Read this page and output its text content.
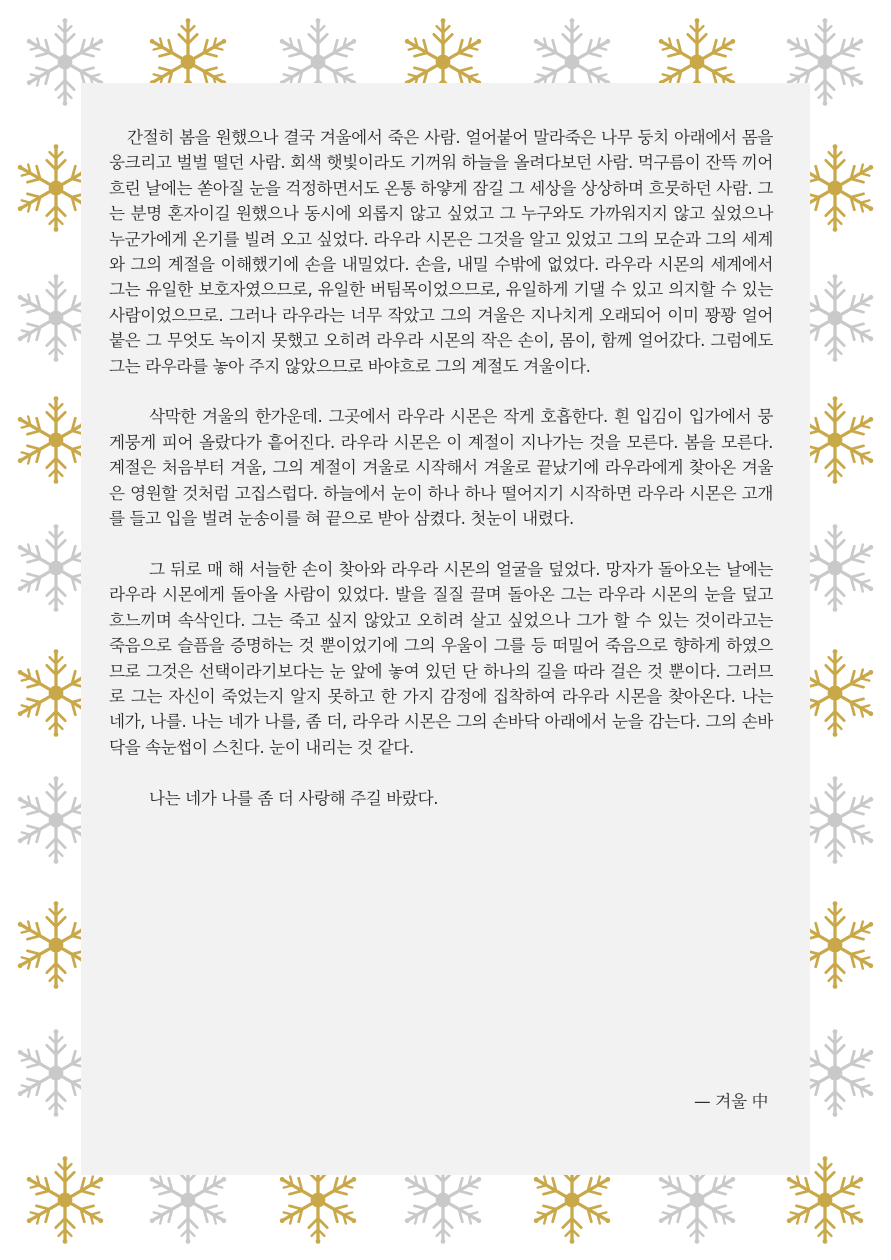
간절히 봄을 원했으나 결국 겨울에서 죽은 사람. 얼어붙어 말라죽은 나무 둥치 아래에서 몸을 웅크리고 벌벌 떨던 사람. 회색 햇빛이라도 기꺼워 하늘을 올려다보던 사람. 먹구름이 잔뜩 끼어 흐린 날에는 쏟아질 눈을 걱정하면서도 온통 하얗게 잠길 그 세상을 상상하며 흐뭇하던 사람. 그는 분명 혼자이길 원했으나 동시에 외롭지 않고 싶었고 그 누구와도 가까워지지 않고 싶었으나 누군가에게 온기를 빌려 오고 싶었다. 라우라 시몬은 그것을 알고 있었고 그의 모순과 그의 세계와 그의 계절을 이해했기에 손을 내밀었다. 손을, 내밀 수밖에 없었다. 라우라 시몬의 세계에서 그는 유일한 보호자였으므로, 유일한 버팀목이었으므로, 유일하게 기댈 수 있고 의지할 수 있는 사람이었으므로. 그러나 라우라는 너무 작았고 그의 겨울은 지나치게 오래되어 이미 꽝꽝 얼어붙은 그 무엇도 녹이지 못했고 오히려 라우라 시몬의 작은 손이, 몸이, 함께 얼어갔다. 그럼에도 그는 라우라를 놓아 주지 않았으므로 바야흐로 그의 계절도 겨울이다.

삭막한 겨울의 한가운데. 그곳에서 라우라 시몬은 작게 호흡한다. 흰 입김이 입가에서 뭉게뭉게 피어 올랐다가 흩어진다. 라우라 시몬은 이 계절이 지나가는 것을 모른다. 봄을 모른다. 계절은 처음부터 겨울, 그의 계절이 겨울로 시작해서 겨울로 끝났기에 라우라에게 찾아온 겨울은 영원할 것처럼 고집스럽다. 하늘에서 눈이 하나 하나 떨어지기 시작하면 라우라 시몬은 고개를 들고 입을 벌려 눈송이를 혀 끝으로 받아 삼켰다. 첫눈이 내렸다.

그 뒤로 매 해 서늘한 손이 찾아와 라우라 시몬의 얼굴을 덮었다. 망자가 돌아오는 날에는 라우라 시몬에게 돌아올 사람이 있었다. 발을 질질 끌며 돌아온 그는 라우라 시몬의 눈을 덮고 흐느끼며 속삭인다. 그는 죽고 싶지 않았고 오히려 살고 싶었으나 그가 할 수 있는 것이라고는 죽음으로 슬픔을 증명하는 것 뿐이었기에 그의 우울이 그를 등 떠밀어 죽음으로 향하게 하였으므로 그것은 선택이라기보다는 눈 앞에 놓여 있던 단 하나의 길을 따라 걸은 것 뿐이다. 그러므로 그는 자신이 죽었는지 알지 못하고 한 가지 감정에 집착하여 라우라 시몬을 찾아온다. 나는 네가, 나를. 나는 네가 나를, 좀 더, 라우라 시몬은 그의 손바닥 아래에서 눈을 감는다. 그의 손바닥을 속눈썹이 스친다. 눈이 내리는 것 같다.

나는 네가 나를 좀 더 사랑해 주길 바랐다.

— 겨울 中
